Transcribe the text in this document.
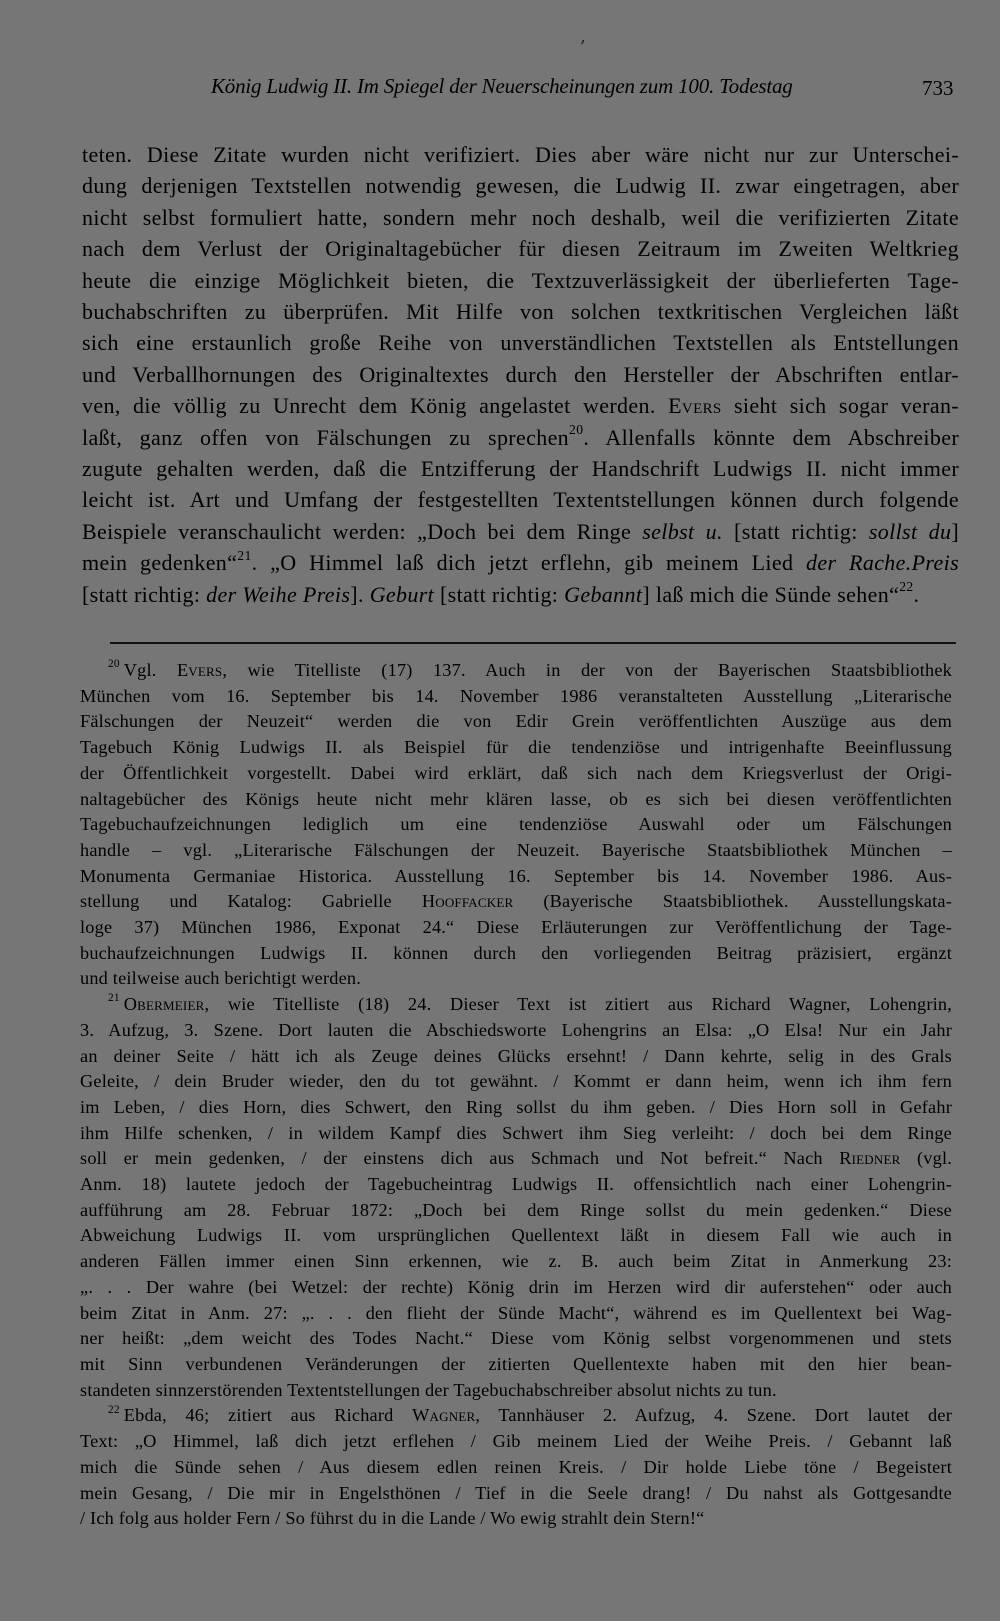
‚
König Ludwig II. Im Spiegel der Neuerscheinungen zum 100. Todestag	733
teten. Diese Zitate wurden nicht verifiziert. Dies aber wäre nicht nur zur Unterschei-
dung derjenigen Textstellen notwendig gewesen, die Ludwig II. zwar eingetragen, aber
nicht selbst formuliert hatte, sondern mehr noch deshalb, weil die verifizierten Zitate
nach dem Verlust der Originaltagebücher für diesen Zeitraum im Zweiten Weltkrieg
heute die einzige Möglichkeit bieten, die Textzuverlässigkeit der überlieferten Tage-
buchabschriften zu überprüfen. Mit Hilfe von solchen textkritischen Vergleichen läßt
sich eine erstaunlich große Reihe von unverständlichen Textstellen als Entstellungen
und Verballhornungen des Originaltextes durch den Hersteller der Abschriften entlar-
ven, die völlig zu Unrecht dem König angelastet werden. Evers sieht sich sogar veran-
laßt, ganz offen von Fälschungen zu sprechen$^{20}$. Allenfalls könnte dem Abschreiber
zugute gehalten werden, daß die Entzifferung der Handschrift Ludwigs II. nicht immer
leicht ist. Art und Umfang der festgestellten Textentstellungen können durch folgende
Beispiele veranschaulicht werden: „Doch bei dem Ringe selbst u. [statt richtig: sollst du]
mein gedenken“$^{21}$. „O Himmel laß dich jetzt erflehn, gib meinem Lied der Rache.Preis
[statt richtig: der Weihe Preis]. Geburt [statt richtig: Gebannt] laß mich die Sünde sehen“$^{22}$.
$^{20}$ Vgl. Evers, wie Titelliste (17) 137. Auch in der von der Bayerischen Staatsbibliothek
München vom 16. September bis 14. November 1986 veranstalteten Ausstellung „Literarische
Fälschungen der Neuzeit“ werden die von Edir Grein veröffentlichten Auszüge aus dem
Tagebuch König Ludwigs II. als Beispiel für die tendenziöse und intrigenhafte Beeinflussung
der Öffentlichkeit vorgestellt. Dabei wird erklärt, daß sich nach dem Kriegsverlust der Origi-
naltagebücher des Königs heute nicht mehr klären lasse, ob es sich bei diesen veröffentlichten
Tagebuchaufzeichnungen lediglich um eine tendenziöse Auswahl oder um Fälschungen
handle – vgl. „Literarische Fälschungen der Neuzeit. Bayerische Staatsbibliothek München –
Monumenta Germaniae Historica. Ausstellung 16. September bis 14. November 1986. Aus-
stellung und Katalog: Gabrielle Hooffacker (Bayerische Staatsbibliothek. Ausstellungskata-
loge 37) München 1986, Exponat 24.“ Diese Erläuterungen zur Veröffentlichung der Tage-
buchaufzeichnungen Ludwigs II. können durch den vorliegenden Beitrag präzisiert, ergänzt
und teilweise auch berichtigt werden.
$^{21}$ Obermeier, wie Titelliste (18) 24. Dieser Text ist zitiert aus Richard Wagner, Lohengrin,
3. Aufzug, 3. Szene. Dort lauten die Abschiedsworte Lohengrins an Elsa: „O Elsa! Nur ein Jahr
an deiner Seite / hätt ich als Zeuge deines Glücks ersehnt! / Dann kehrte, selig in des Grals
Geleite, / dein Bruder wieder, den du tot gewähnt. / Kommt er dann heim, wenn ich ihm fern
im Leben, / dies Horn, dies Schwert, den Ring sollst du ihm geben. / Dies Horn soll in Gefahr
ihm Hilfe schenken, / in wildem Kampf dies Schwert ihm Sieg verleiht: / doch bei dem Ringe
soll er mein gedenken, / der einstens dich aus Schmach und Not befreit.“ Nach Riedner (vgl.
Anm. 18) lautete jedoch der Tagebucheintrag Ludwigs II. offensichtlich nach einer Lohengrin-
aufführung am 28. Februar 1872: „Doch bei dem Ringe sollst du mein gedenken.“ Diese
Abweichung Ludwigs II. vom ursprünglichen Quellentext läßt in diesem Fall wie auch in
anderen Fällen immer einen Sinn erkennen, wie z. B. auch beim Zitat in Anmerkung 23:
„. . . Der wahre (bei Wetzel: der rechte) König drin im Herzen wird dir auferstehen“ oder auch
beim Zitat in Anm. 27: „. . . den flieht der Sünde Macht“, während es im Quellentext bei Wag-
ner heißt: „dem weicht des Todes Nacht.“ Diese vom König selbst vorgenommenen und stets
mit Sinn verbundenen Veränderungen der zitierten Quellentexte haben mit den hier bean-
standeten sinnzerstörenden Textentstellungen der Tagebuchabschreiber absolut nichts zu tun.
$^{22}$ Ebda, 46; zitiert aus Richard Wagner, Tannhäuser 2. Aufzug, 4. Szene. Dort lautet der
Text: „O Himmel, laß dich jetzt erflehen / Gib meinem Lied der Weihe Preis. / Gebannt laß
mich die Sünde sehen / Aus diesem edlen reinen Kreis. / Dir holde Liebe töne / Begeistert
mein Gesang, / Die mir in Engelsthönen / Tief in die Seele drang! / Du nahst als Gottgesandte
/ Ich folg aus holder Fern / So führst du in die Lande / Wo ewig strahlt dein Stern!“
